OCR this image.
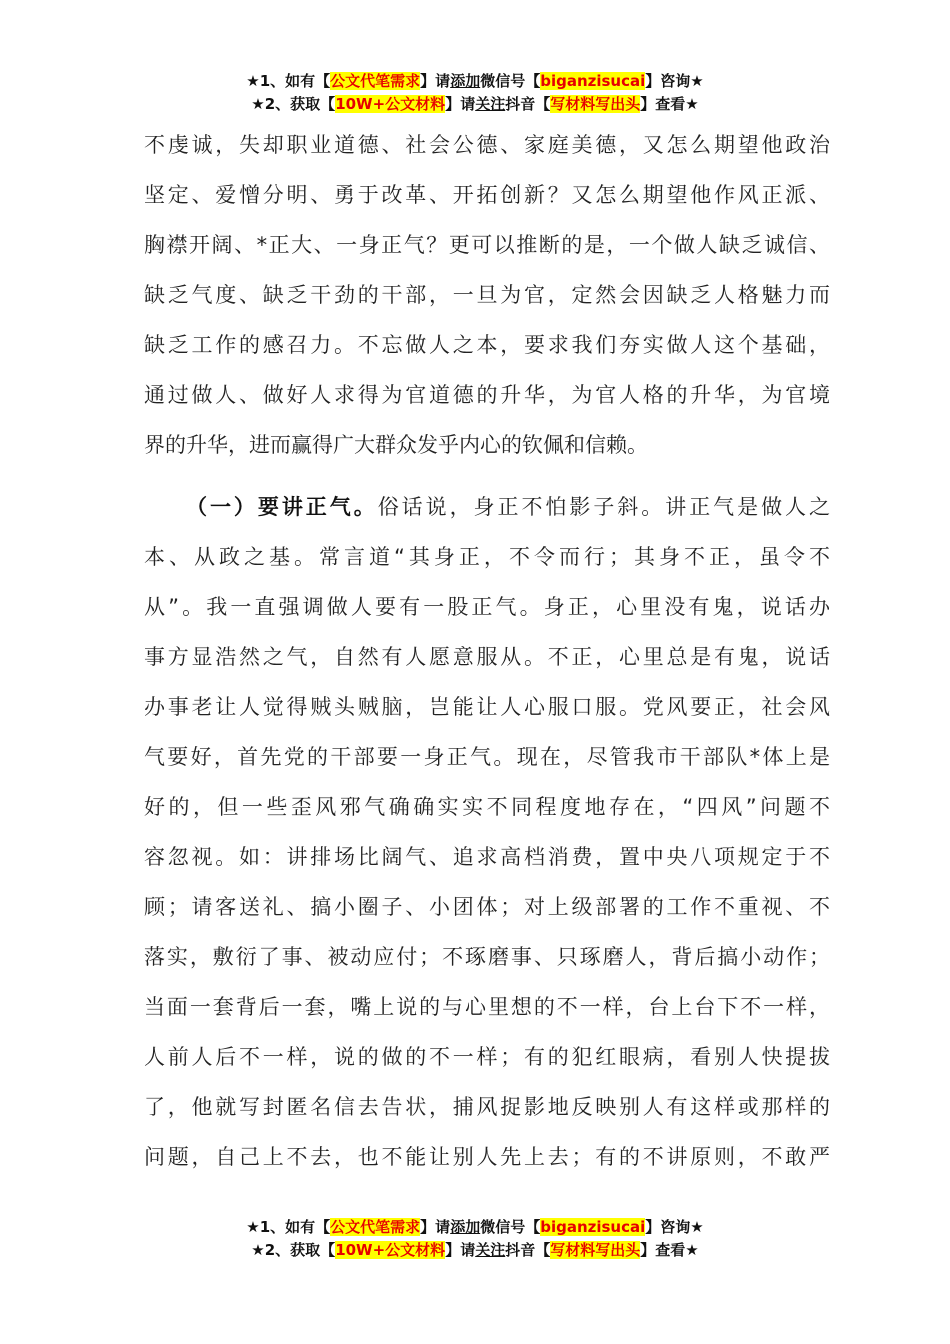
★1、如有【公文代笔需求】请添加微信号【biganzisucai】咨询★
★2、获取【10W+公文材料】请关注抖音【写材料写出头】查看★
不虔诚，失却职业道德、社会公德、家庭美德，又怎么期望他政治
坚定、爱憎分明、勇于改革、开拓创新？又怎么期望他作风正派、
胸襟开阔、*正大、一身正气？更可以推断的是，一个做人缺乏诚信、
缺乏气度、缺乏干劲的干部，一旦为官，定然会因缺乏人格魅力而
缺乏工作的感召力。不忘做人之本，要求我们夯实做人这个基础，
通过做人、做好人求得为官道德的升华，为官人格的升华，为官境
界的升华，进而赢得广大群众发乎内心的钦佩和信赖。
（一）要讲正气。俗话说，身正不怕影子斜。讲正气是做人之
本、从政之基。常言道“其身正，不令而行；其身不正，虽令不
从”。我一直强调做人要有一股正气。身正，心里没有鬼，说话办
事方显浩然之气，自然有人愿意服从。不正，心里总是有鬼，说话
办事老让人觉得贼头贼脑，岂能让人心服口服。党风要正，社会风
气要好，首先党的干部要一身正气。现在，尽管我市干部队*体上是
好的，但一些歪风邪气确确实实不同程度地存在，“四风”问题不
容忽视。如：讲排场比阔气、追求高档消费，置中央八项规定于不
顾；请客送礼、搞小圈子、小团体；对上级部署的工作不重视、不
落实，敷衍了事、被动应付；不琢磨事、只琢磨人，背后搞小动作；
当面一套背后一套，嘴上说的与心里想的不一样，台上台下不一样，
人前人后不一样，说的做的不一样；有的犯红眼病，看别人快提拔
了，他就写封匿名信去告状，捕风捉影地反映别人有这样或那样的
问题，自己上不去，也不能让别人先上去；有的不讲原则，不敢严
★1、如有【公文代笔需求】请添加微信号【biganzisucai】咨询★
★2、获取【10W+公文材料】请关注抖音【写材料写出头】查看★
